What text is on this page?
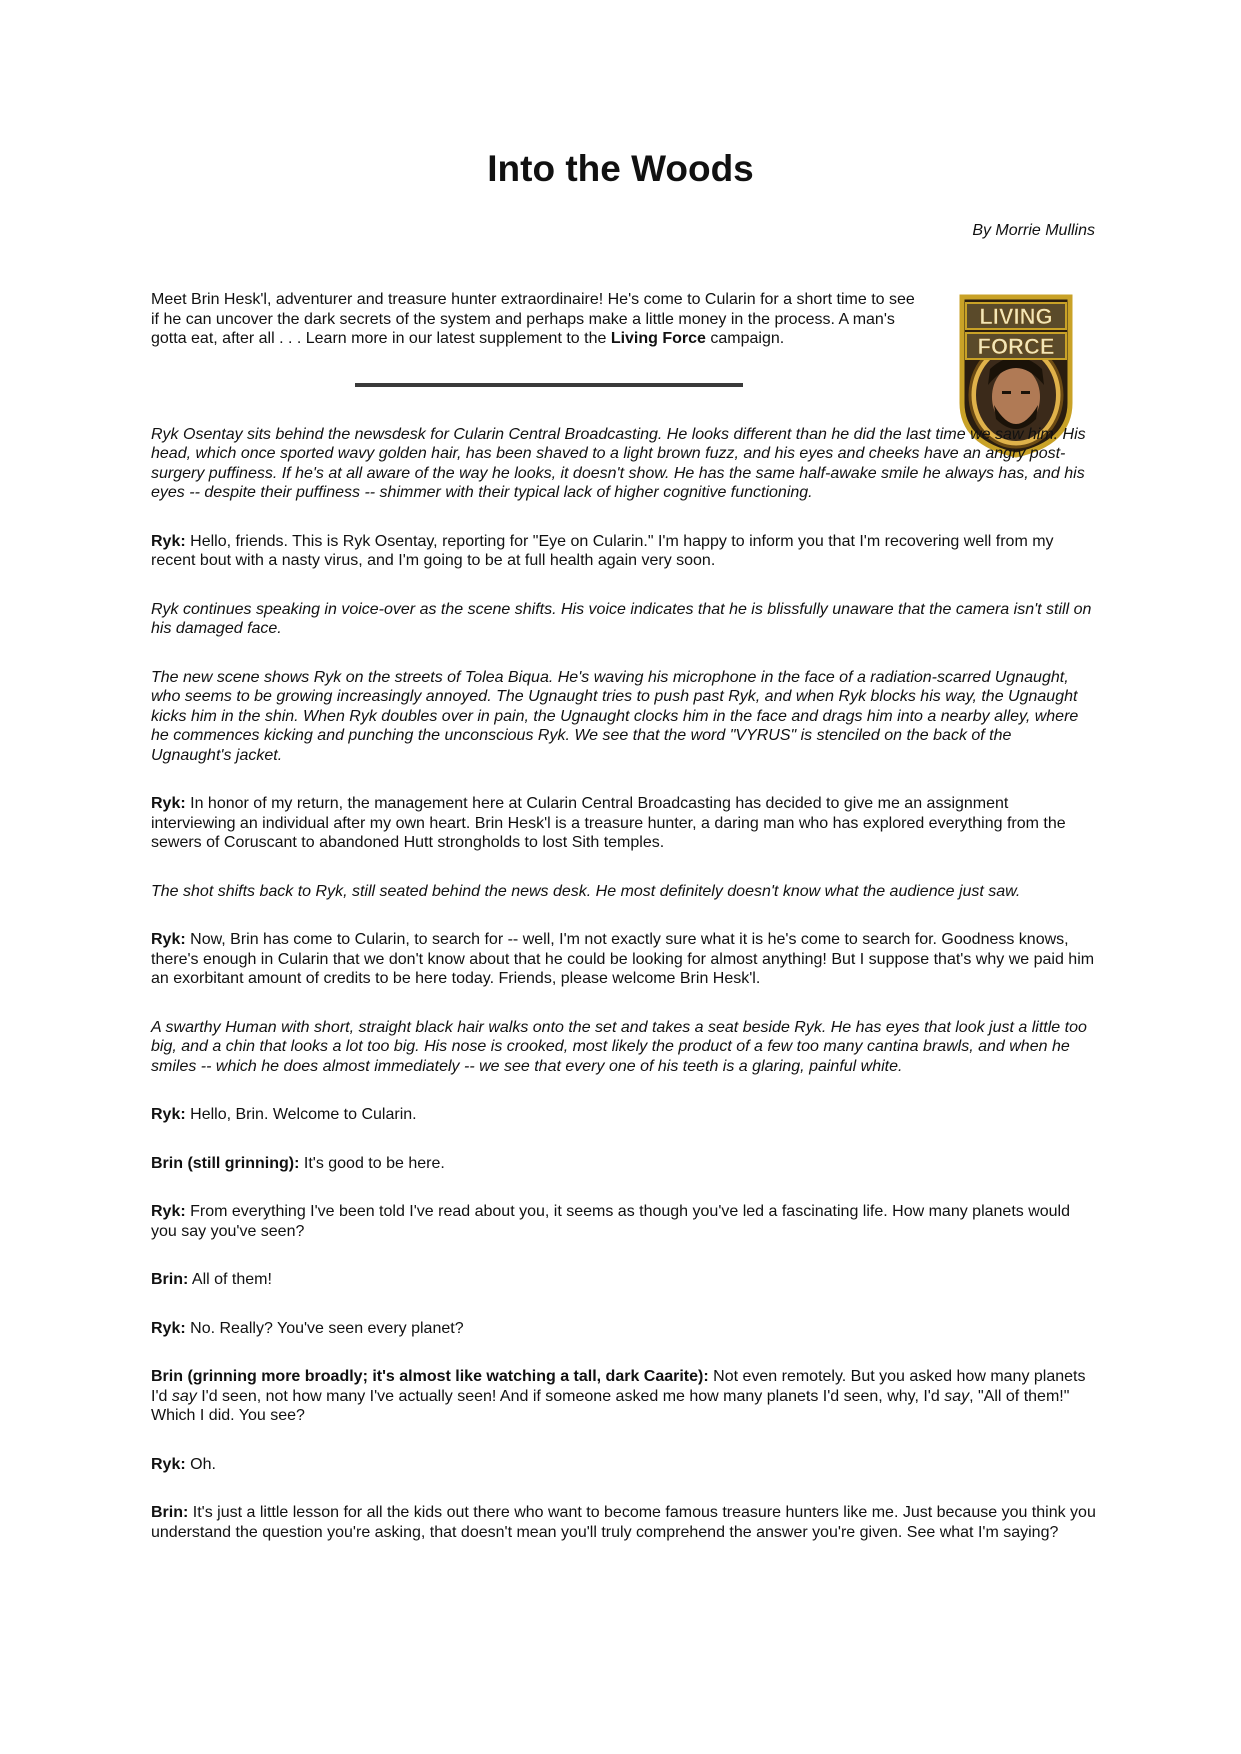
Into the Woods
By Morrie Mullins
LIVING
FORCE

Meet Brin Hesk'l, adventurer and treasure hunter extraordinaire! He's come to Cularin for a short time to see if he can uncover the dark secrets of the system and perhaps make a little money in the process. A man's gotta eat, after all . . . Learn more in our latest supplement to the Living Force campaign.

Ryk Osentay sits behind the newsdesk for Cularin Central Broadcasting. He looks different than he did the last time we saw him. His head, which once sported wavy golden hair, has been shaved to a light brown fuzz, and his eyes and cheeks have an angry post-surgery puffiness. If he's at all aware of the way he looks, it doesn't show. He has the same half-awake smile he always has, and his eyes -- despite their puffiness -- shimmer with their typical lack of higher cognitive functioning.

Ryk: Hello, friends. This is Ryk Osentay, reporting for "Eye on Cularin." I'm happy to inform you that I'm recovering well from my recent bout with a nasty virus, and I'm going to be at full health again very soon.

Ryk continues speaking in voice-over as the scene shifts. His voice indicates that he is blissfully unaware that the camera isn't still on his damaged face.

The new scene shows Ryk on the streets of Tolea Biqua. He's waving his microphone in the face of a radiation-scarred Ugnaught, who seems to be growing increasingly annoyed. The Ugnaught tries to push past Ryk, and when Ryk blocks his way, the Ugnaught kicks him in the shin. When Ryk doubles over in pain, the Ugnaught clocks him in the face and drags him into a nearby alley, where he commences kicking and punching the unconscious Ryk. We see that the word "VYRUS" is stenciled on the back of the Ugnaught's jacket.

Ryk: In honor of my return, the management here at Cularin Central Broadcasting has decided to give me an assignment interviewing an individual after my own heart. Brin Hesk'l is a treasure hunter, a daring man who has explored everything from the sewers of Coruscant to abandoned Hutt strongholds to lost Sith temples.

The shot shifts back to Ryk, still seated behind the news desk. He most definitely doesn't know what the audience just saw.

Ryk: Now, Brin has come to Cularin, to search for -- well, I'm not exactly sure what it is he's come to search for. Goodness knows, there's enough in Cularin that we don't know about that he could be looking for almost anything! But I suppose that's why we paid him an exorbitant amount of credits to be here today. Friends, please welcome Brin Hesk'l.

A swarthy Human with short, straight black hair walks onto the set and takes a seat beside Ryk. He has eyes that look just a little too big, and a chin that looks a lot too big. His nose is crooked, most likely the product of a few too many cantina brawls, and when he smiles -- which he does almost immediately -- we see that every one of his teeth is a glaring, painful white.

Ryk: Hello, Brin. Welcome to Cularin.

Brin (still grinning): It's good to be here.

Ryk: From everything I've been told I've read about you, it seems as though you've led a fascinating life. How many planets would you say you've seen?

Brin: All of them!

Ryk: No. Really? You've seen every planet?

Brin (grinning more broadly; it's almost like watching a tall, dark Caarite): Not even remotely. But you asked how many planets I'd say I'd seen, not how many I've actually seen! And if someone asked me how many planets I'd seen, why, I'd say, "All of them!" Which I did. You see?

Ryk: Oh.

Brin: It's just a little lesson for all the kids out there who want to become famous treasure hunters like me. Just because you think you understand the question you're asking, that doesn't mean you'll truly comprehend the answer you're given. See what I'm saying?
